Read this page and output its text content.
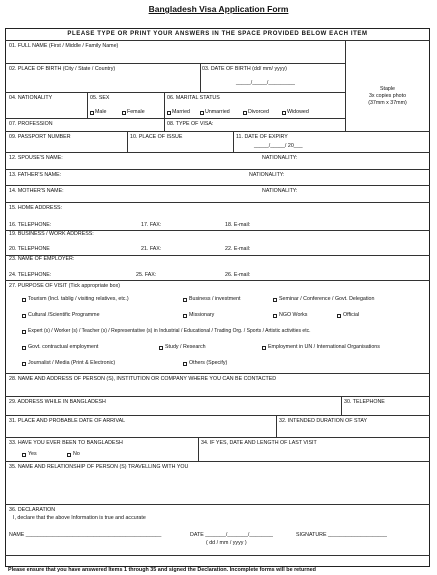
Bangladesh Visa Application Form
PLEASE TYPE OR PRINT YOUR ANSWERS IN THE SPACE PROVIDED BELOW EACH ITEM
Staple
3x copies photo
(37mm x 37mm)
01. FULL NAME (First / Middle / Family Name)
02. PLACE OF BIRTH (City / State / Country)	03. DATE OF BIRTH (dd/ mm/ yyyy)
_____/_____/_________
04. NATIONALITY	05. SEX
Male	Female
06. MARITAL STATUS
Married	Unmarried	Divorced	Widowed
07. PROFESSION	08. TYPE OF VISA:
09. PASSPORT NUMBER	10. PLACE OF ISSUE	11. DATE OF EXPIRY
_____/_____/ 20___
12. SPOUSE'S NAME:	NATIONALITY:
13. FATHER'S NAME:	NATIONALITY:
14. MOTHER'S NAME:	NATIONALITY:
15. HOME ADDRESS:
16. TELEPHONE:	17. FAX:	18. E-mail:
19. BUSINESS / WORK ADDRESS:
20. TELEPHONE	21. FAX:	22. E-mail:
23. NAME OF EMPLOYER:
24. TELEPHONE:	25. FAX:	26. E-mail:
27. PURPOSE OF VISIT (Tick appropriate box)
Tourism (Incl. tablig / visiting relatives, etc.)	Business / investment	Seminar / Conference / Govt. Delegation
Cultural /Scientific Programme	Missionary	NGO Works	Official
Expert (s) / Worker (s) / Teacher (s) / Representative (s) in Industrial / Educational / Trading Org. / Sports / Artistic activities etc.
Govt. contractual employment	Study / Research	Employment in UN / International Organisations
Journalist / Media (Print & Electronic)	Others (Specify)
28. NAME AND ADDRESS OF PERSON (S), INSTITUTION OR COMPANY WHERE YOU CAN BE CONTACTED
29. ADDRESS WHILE IN BANGLADESH	30. TELEPHONE
31. PLACE AND PROBABLE DATE OF ARRIVAL	32. INTENDED DURATION OF STAY
33. HAVE YOU EVER BEEN TO BANGLADESH
Yes	No
34. IF YES, DATE AND LENGTH OF LAST VISIT
35. NAME AND RELATIONSHIP OF PERSON (S) TRAVELLING WITH YOU
36. DECLARATION
I, declare that the above Information is true and accurate
NAME ______________________________________________	DATE _______/_______/________
( dd / mm / yyyy )
SIGNATURE ____________________
Please ensure that you have answered Items 1 through 35 and signed the Declaration. Incomplete forms will be returned
